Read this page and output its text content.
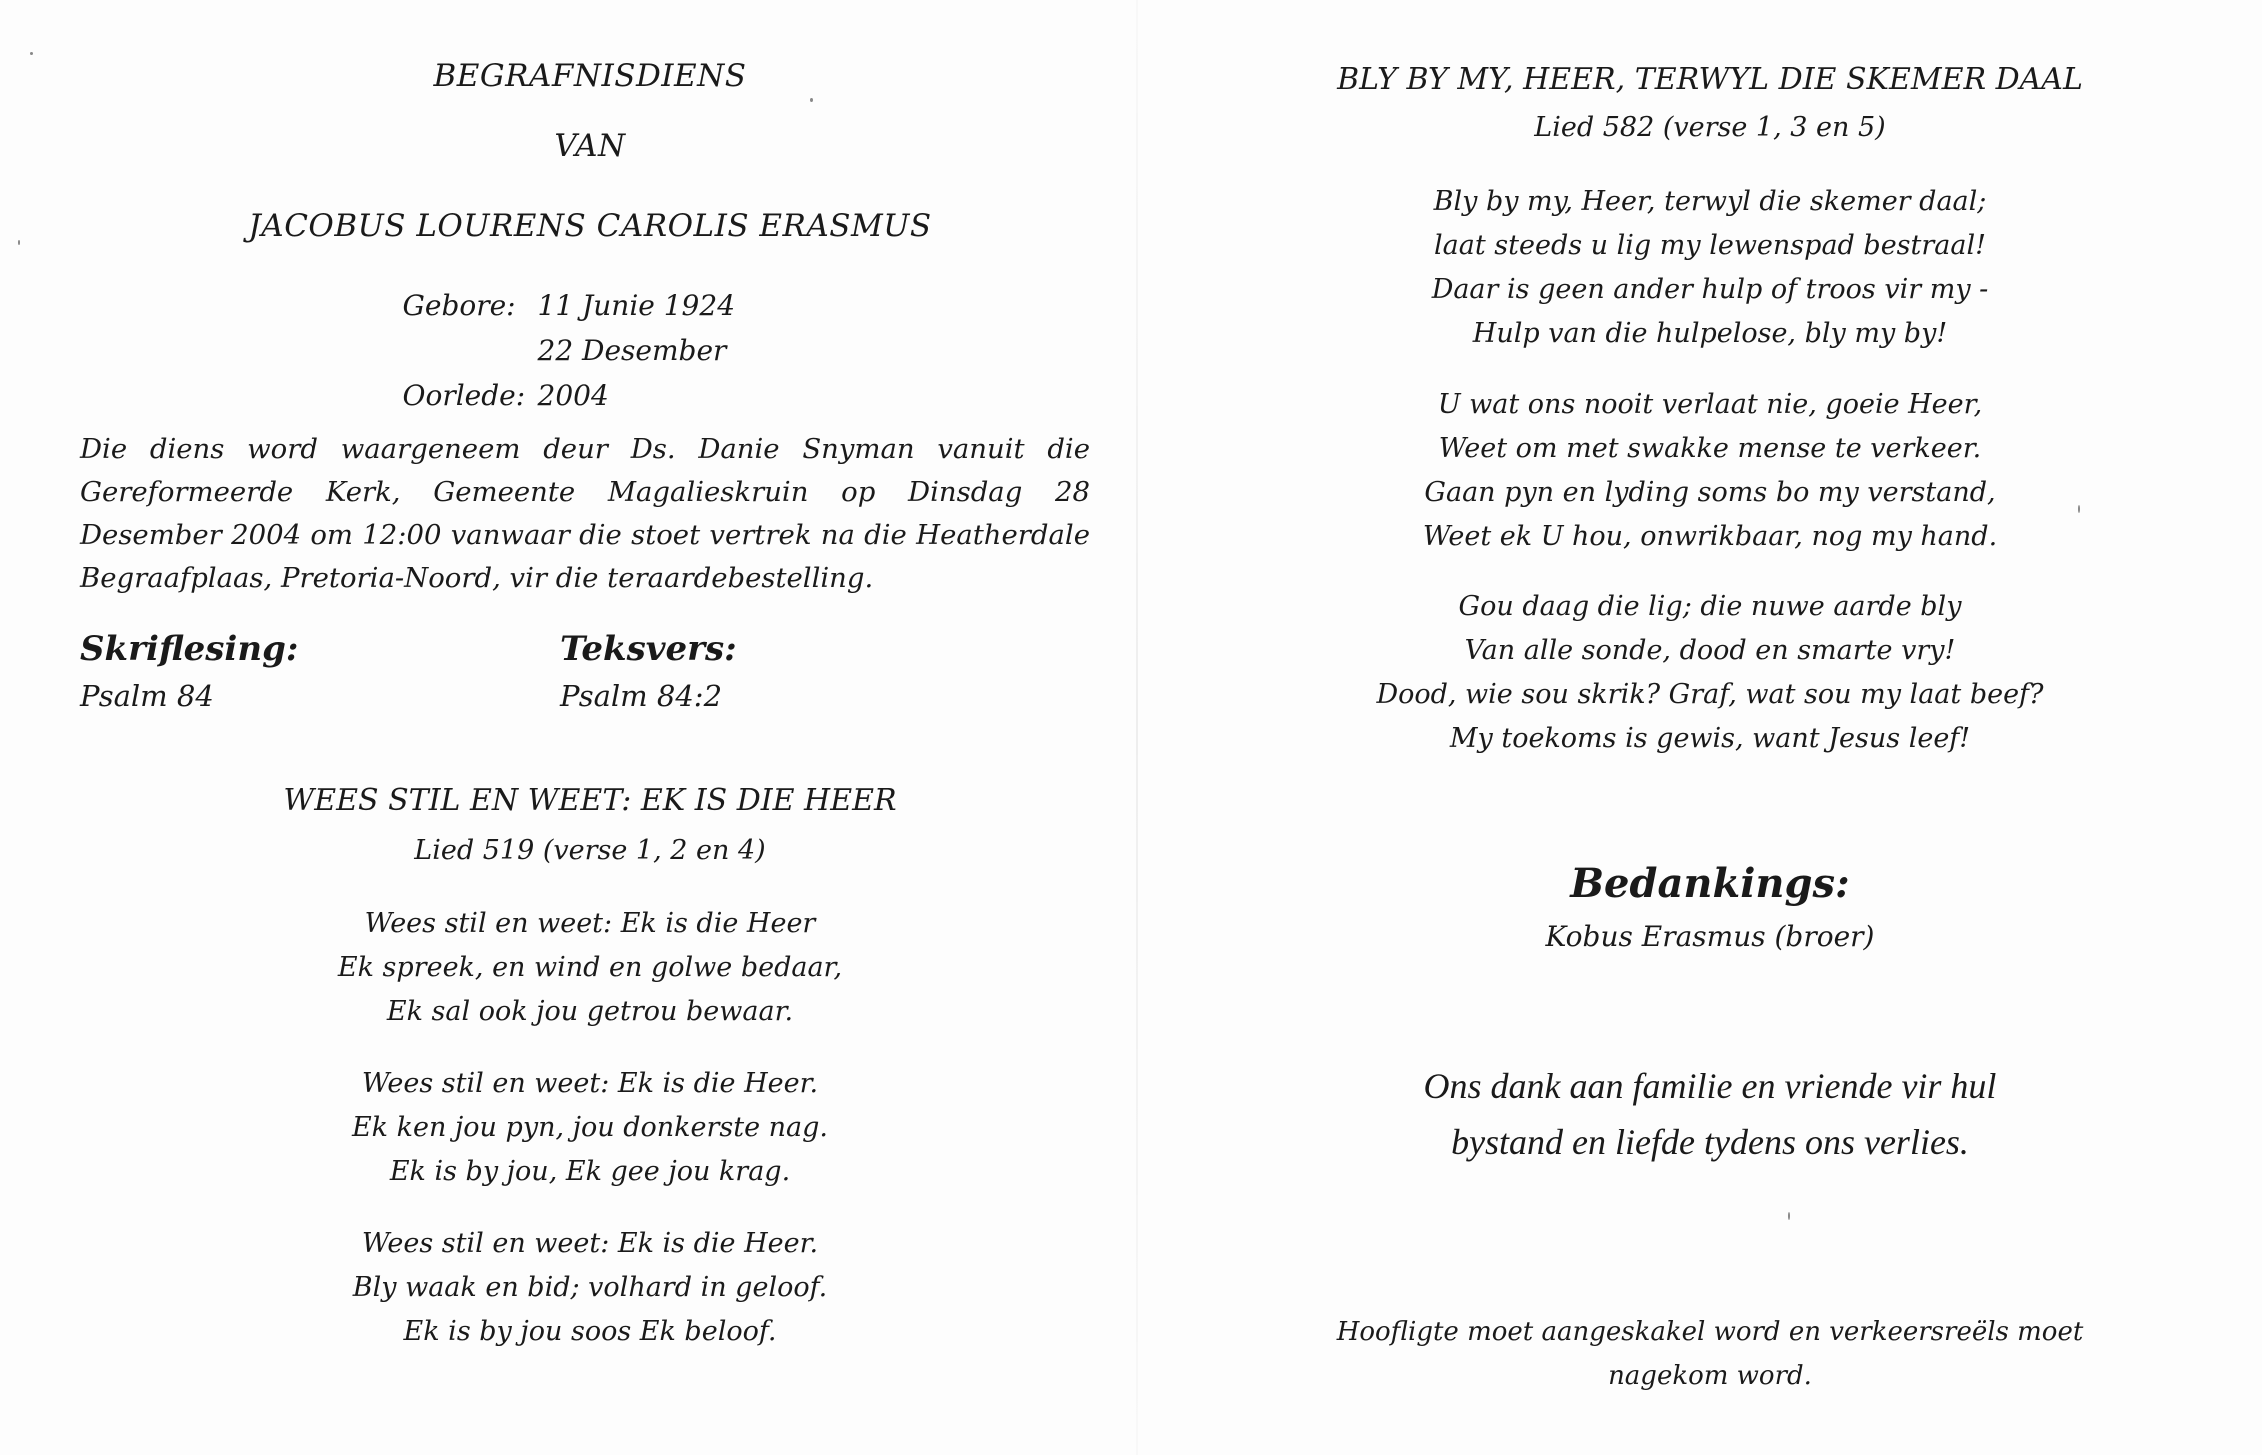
BEGRAFNISDIENS
VAN
JACOBUS LOURENS CAROLIS ERASMUS
Gebore: 11 Junie 1924
Oorlede:22 Desember 2004

Die diens word waargeneem deur Ds. Danie Snyman vanuit die Gereformeerde Kerk, Gemeente Magalieskruin op Dinsdag 28 Desember 2004 om 12:00 vanwaar die stoet vertrek na die Heatherdale Begraafplaas, Pretoria-Noord, vir die teraardebestelling.

Skriflesing:
Psalm 84
Teksvers:
Psalm 84:2
WEES STIL EN WEET: EK IS DIE HEER
Lied 519 (verse 1, 2 en 4)
Wees stil en weet: Ek is die Heer
Ek spreek, en wind en golwe bedaar,
Ek sal ook jou getrou bewaar.
Wees stil en weet: Ek is die Heer.
Ek ken jou pyn, jou donkerste nag.
Ek is by jou, Ek gee jou krag.
Wees stil en weet: Ek is die Heer.
Bly waak en bid; volhard in geloof.
Ek is by jou soos Ek beloof.
BLY BY MY, HEER, TERWYL DIE SKEMER DAAL
Lied 582 (verse 1, 3 en 5)
Bly by my, Heer, terwyl die skemer daal;
laat steeds u lig my lewenspad bestraal!
Daar is geen ander hulp of troos vir my -
Hulp van die hulpelose, bly my by!
U wat ons nooit verlaat nie, goeie Heer,
Weet om met swakke mense te verkeer.
Gaan pyn en lyding soms bo my verstand,
Weet ek U hou, onwrikbaar, nog my hand.
Gou daag die lig; die nuwe aarde bly
Van alle sonde, dood en smarte vry!
Dood, wie sou skrik? Graf, wat sou my laat beef?
My toekoms is gewis, want Jesus leef!
Bedankings:
Kobus Erasmus (broer)
Ons dank aan familie en vriende vir hul
bystand en liefde tydens ons verlies.
Hoofligte moet aangeskakel word en verkeersreëls moet
nagekom word.
